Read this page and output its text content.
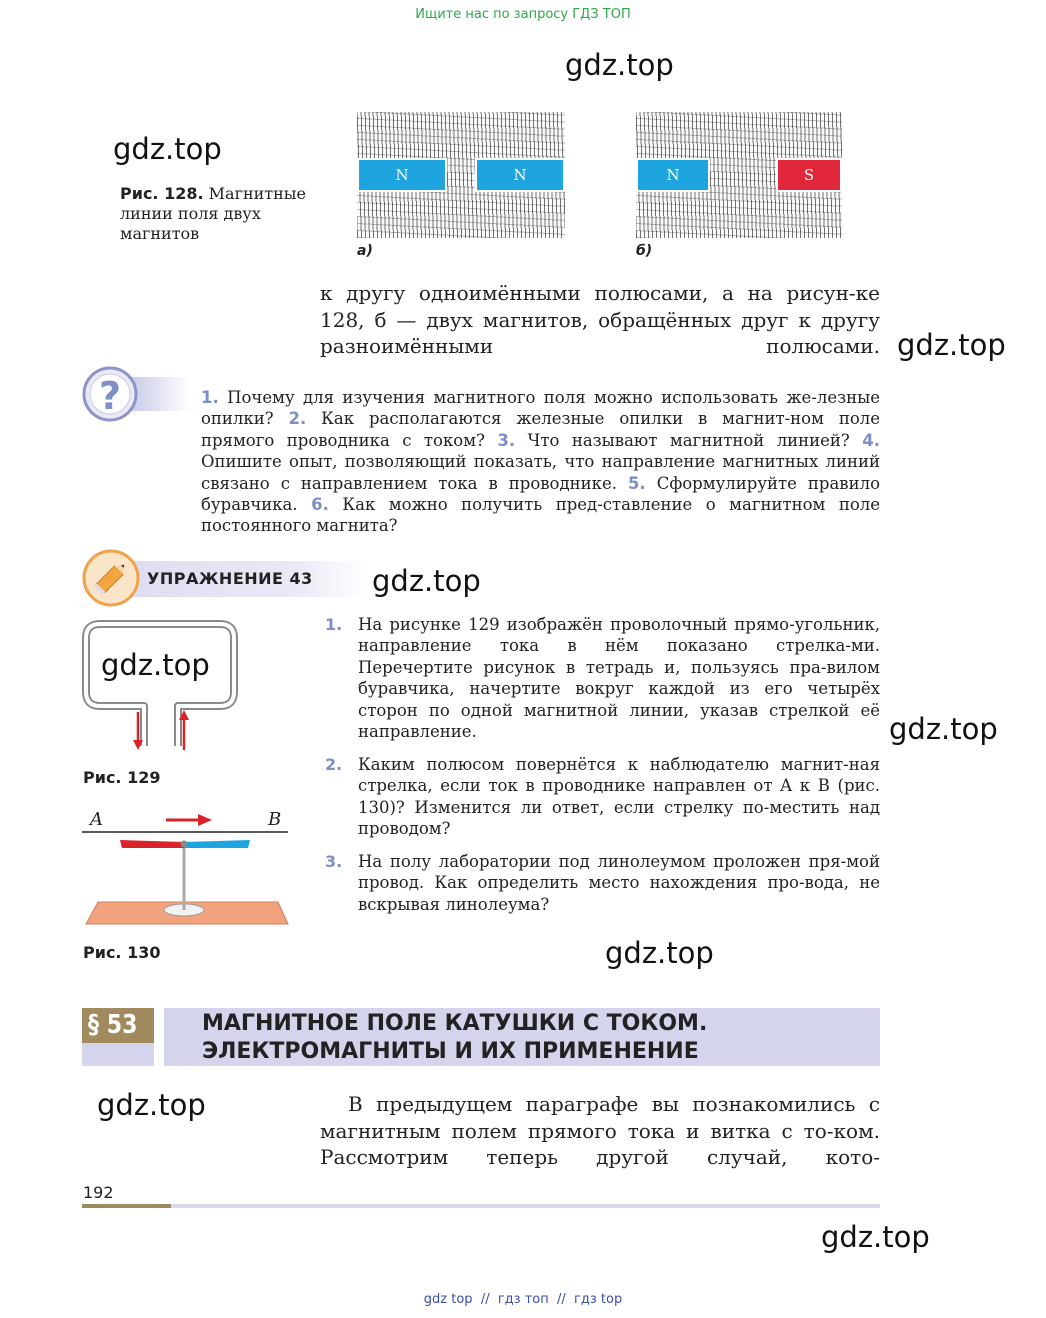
Ищите нас по запросу ГДЗ ТОП
gdz.top
gdz.top
gdz.top
gdz.top
gdz.top
gdz.top
gdz.top
gdz.top
gdz.top
Рис. 128. Магнитные линии поля двух магнитов
N	N
а)
N	S
б)
к другу одноимёнными полюсами, а на рисун-ке 128, б — двух магнитов, обращённых друг к другу разноимёнными полюсами.
?	1. Почему для изучения магнитного поля можно использовать же-лезные опилки? 2. Как располагаются железные опилки в магнит-ном поле прямого проводника с током? 3. Что называют магнитной линией? 4. Опишите опыт, позволяющий показать, что направление магнитных линий связано с направлением тока в проводнике. 5. Сформулируйте правило буравчика. 6. Как можно получить пред-ставление о магнитном поле постоянного магнита?
УПРАЖНЕНИЕ 43
Рис. 129
A	B
Рис. 130
1. На рисунке 129 изображён проволочный прямо-угольник, направление тока в нём показано стрелка-ми. Перечертите рисунок в тетрадь и, пользуясь пра-вилом буравчика, начертите вокруг каждой из его четырёх сторон по одной магнитной линии, указав стрелкой её направление.
2. Каким полюсом повернётся к наблюдателю магнит-ная стрелка, если ток в проводнике направлен от A к B (рис. 130)? Изменится ли ответ, если стрелку по-местить над проводом?
3. На полу лаборатории под линолеумом проложен пря-мой провод. Как определить место нахождения про-вода, не вскрывая линолеума?
§ 53	МАГНИТНОЕ ПОЛЕ КАТУШКИ С ТОКОМ.
ЭЛЕКТРОМАГНИТЫ И ИХ ПРИМЕНЕНИЕ
В предыдущем параграфе вы познакомились с магнитным полем прямого тока и витка с то-ком. Рассмотрим теперь другой случай, кото-
192
gdz top  //  гдз топ  //  гдз top
